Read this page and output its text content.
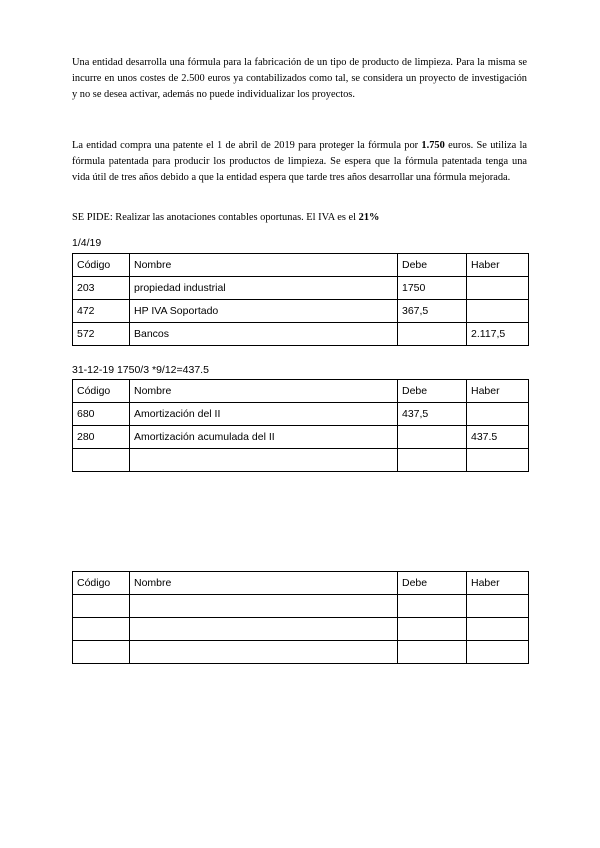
Una entidad desarrolla una fórmula para la fabricación de un tipo de producto de limpieza. Para la misma se incurre en unos costes de 2.500 euros ya contabilizados como tal, se considera un proyecto de investigación y no se desea activar, además no puede individualizar los proyectos.

La entidad compra una patente el 1 de abril de 2019 para proteger la fórmula por 1.750 euros. Se utiliza la fórmula patentada para producir los productos de limpieza. Se espera que la fórmula patentada tenga una vida útil de tres años debido a que la entidad espera que tarde tres años desarrollar una fórmula mejorada.

SE PIDE: Realizar las anotaciones contables oportunas. El IVA es el 21%

1/4/19
Código	Nombre	Debe	Haber
203	propiedad industrial	1750	
472	HP IVA Soportado	367,5	
572	Bancos		2.117,5
31-12-19 1750/3 *9/12=437.5
Código	Nombre	Debe	Haber
680	Amortización del II	437,5	
280	Amortización acumulada del II		437.5

Código	Nombre	Debe	Haber
